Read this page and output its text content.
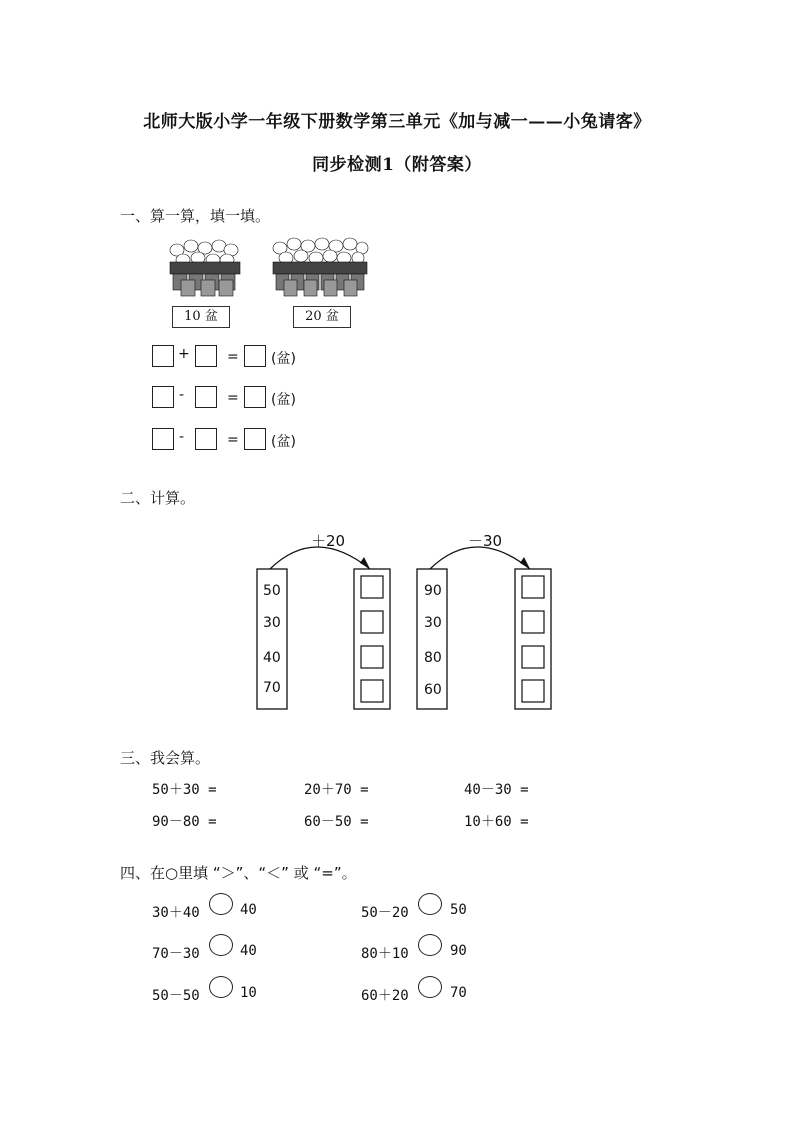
北师大版小学一年级下册数学第三单元《加与减一——小兔请客》
同步检测1（附答案）
一、算一算，填一填。
10 盆	20 盆
+	= (盆)
-	= (盆)
-	= (盆)
二、计算。
＋20	－30
50
30
40
70
90
30
80
60
三、我会算。
50＋30 =	20＋70 =	40－30 =
90－80 =	60－50 =	10＋60 =
四、在○里填 “＞”、“＜” 或 “=”。
30＋40	40	50－20	50
70－30	40	80＋10	90
50－50	10	60＋20	70
